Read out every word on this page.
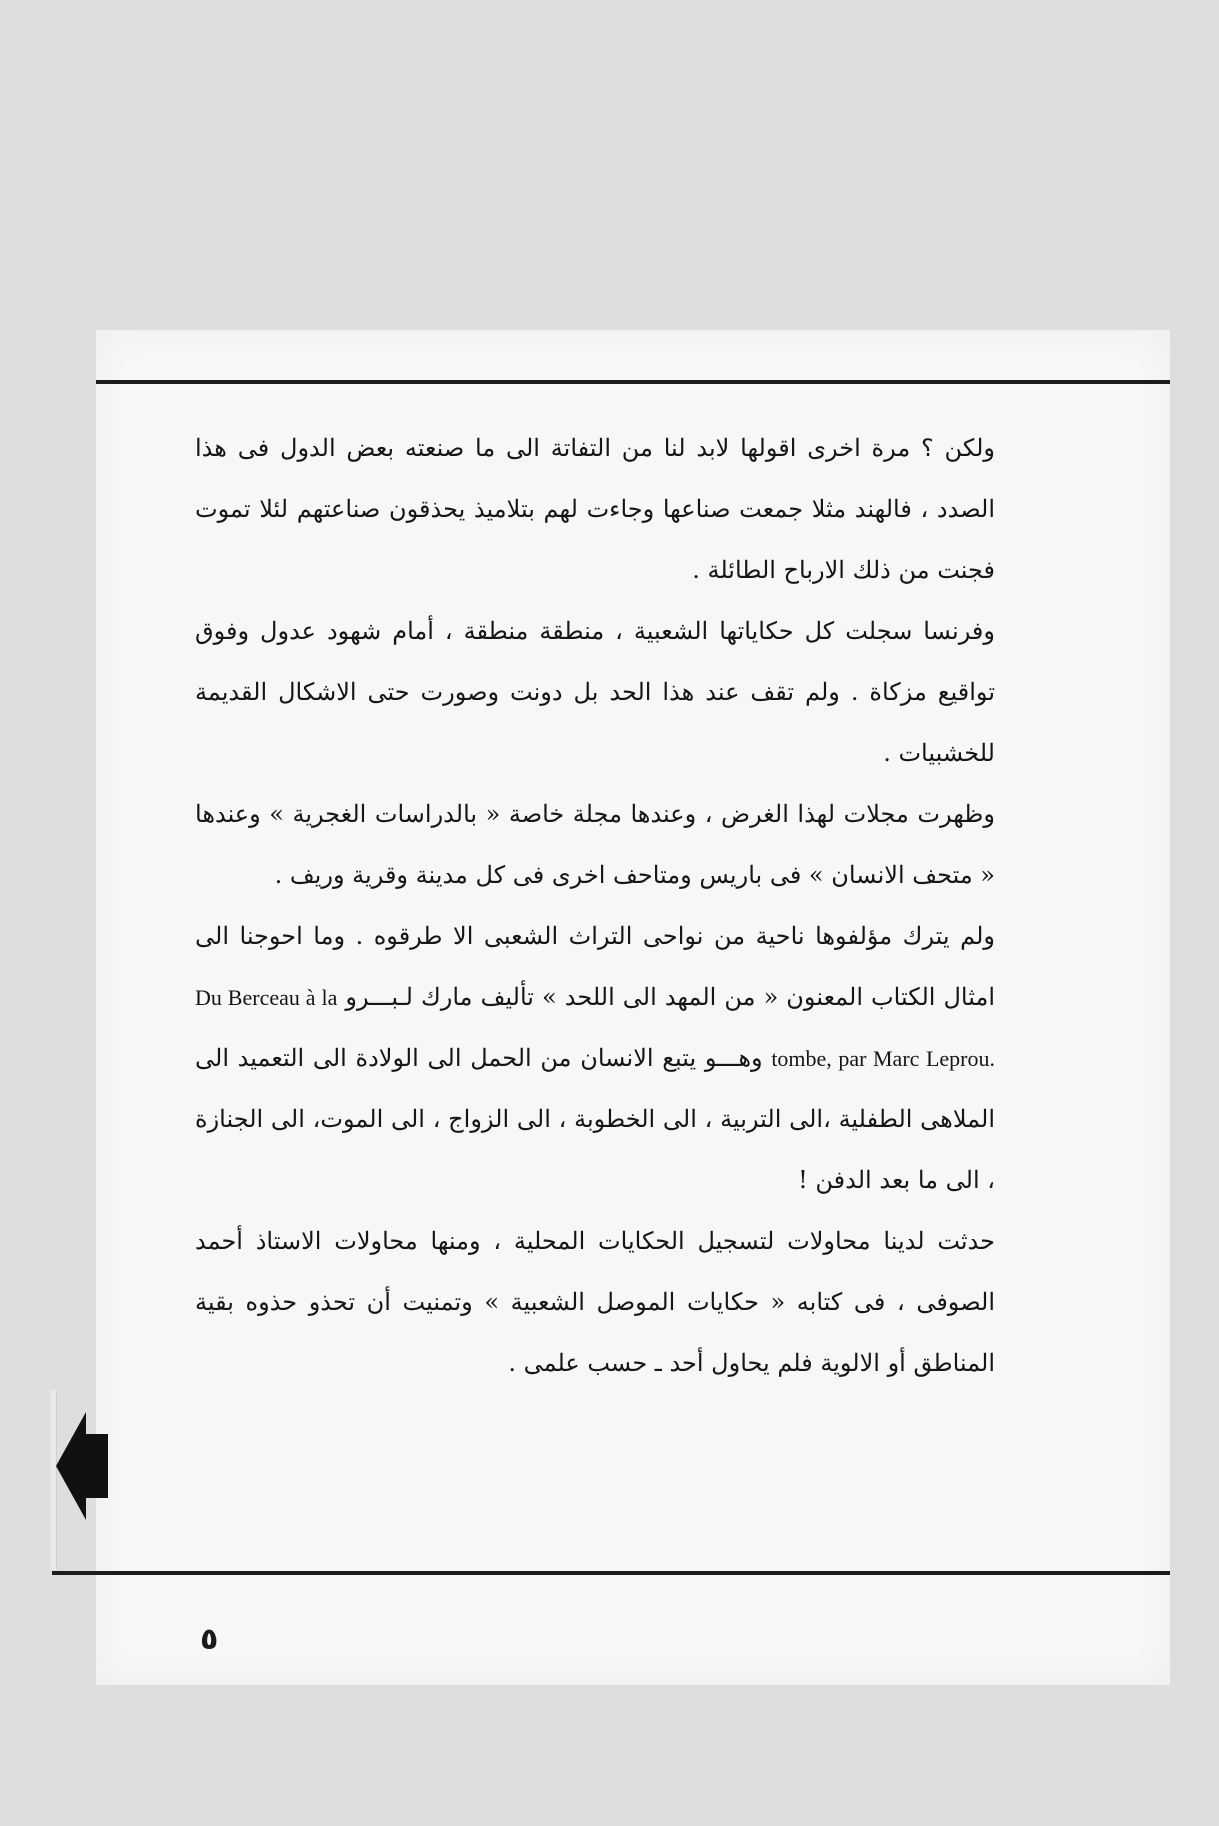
ولكن ؟ مرة اخرى اقولها لابد لنا من التفاتة الى ما صنعته بعض الدول فى هذا الصدد ، فالهند مثلا جمعت صناعها وجاءت لهم بتلاميذ يحذقون صناعتهم لئلا تموت فجنت من ذلك الارباح الطائلة .

وفرنسا سجلت كل حكاياتها الشعبية ، منطقة منطقة ، أمام شهود عدول وفوق تواقيع مزكاة . ولم تقف عند هذا الحد بل دونت وصورت حتى الاشكال القديمة للخشبيات .

وظهرت مجلات لهذا الغرض ، وعندها مجلة خاصة « بالدراسات الغجرية » وعندها « متحف الانسان » فى باريس ومتاحف اخرى فى كل مدينة وقرية وريف .

ولم يترك مؤلفوها ناحية من نواحى التراث الشعبى الا طرقوه . وما احوجنا الى امثال الكتاب المعنون « من المهد الى اللحد » تأليف مارك لـبـــرو Du Berceau à la tombe, par Marc Leprou. وهـــو يتبع الانسان من الحمل الى الولادة الى التعميد الى الملاهى الطفلية ،الى التربية ، الى الخطوبة ، الى الزواج ، الى الموت، الى الجنازة ، الى ما بعد الدفن !

حدثت لدينا محاولات لتسجيل الحكايات المحلية ، ومنها محاولات الاستاذ أحمد الصوفى ، فى كتابه « حكايات الموصل الشعبية » وتمنيت أن تحذو حذوه بقية المناطق أو الالوية فلم يحاول أحد ـ حسب علمى .

٥
